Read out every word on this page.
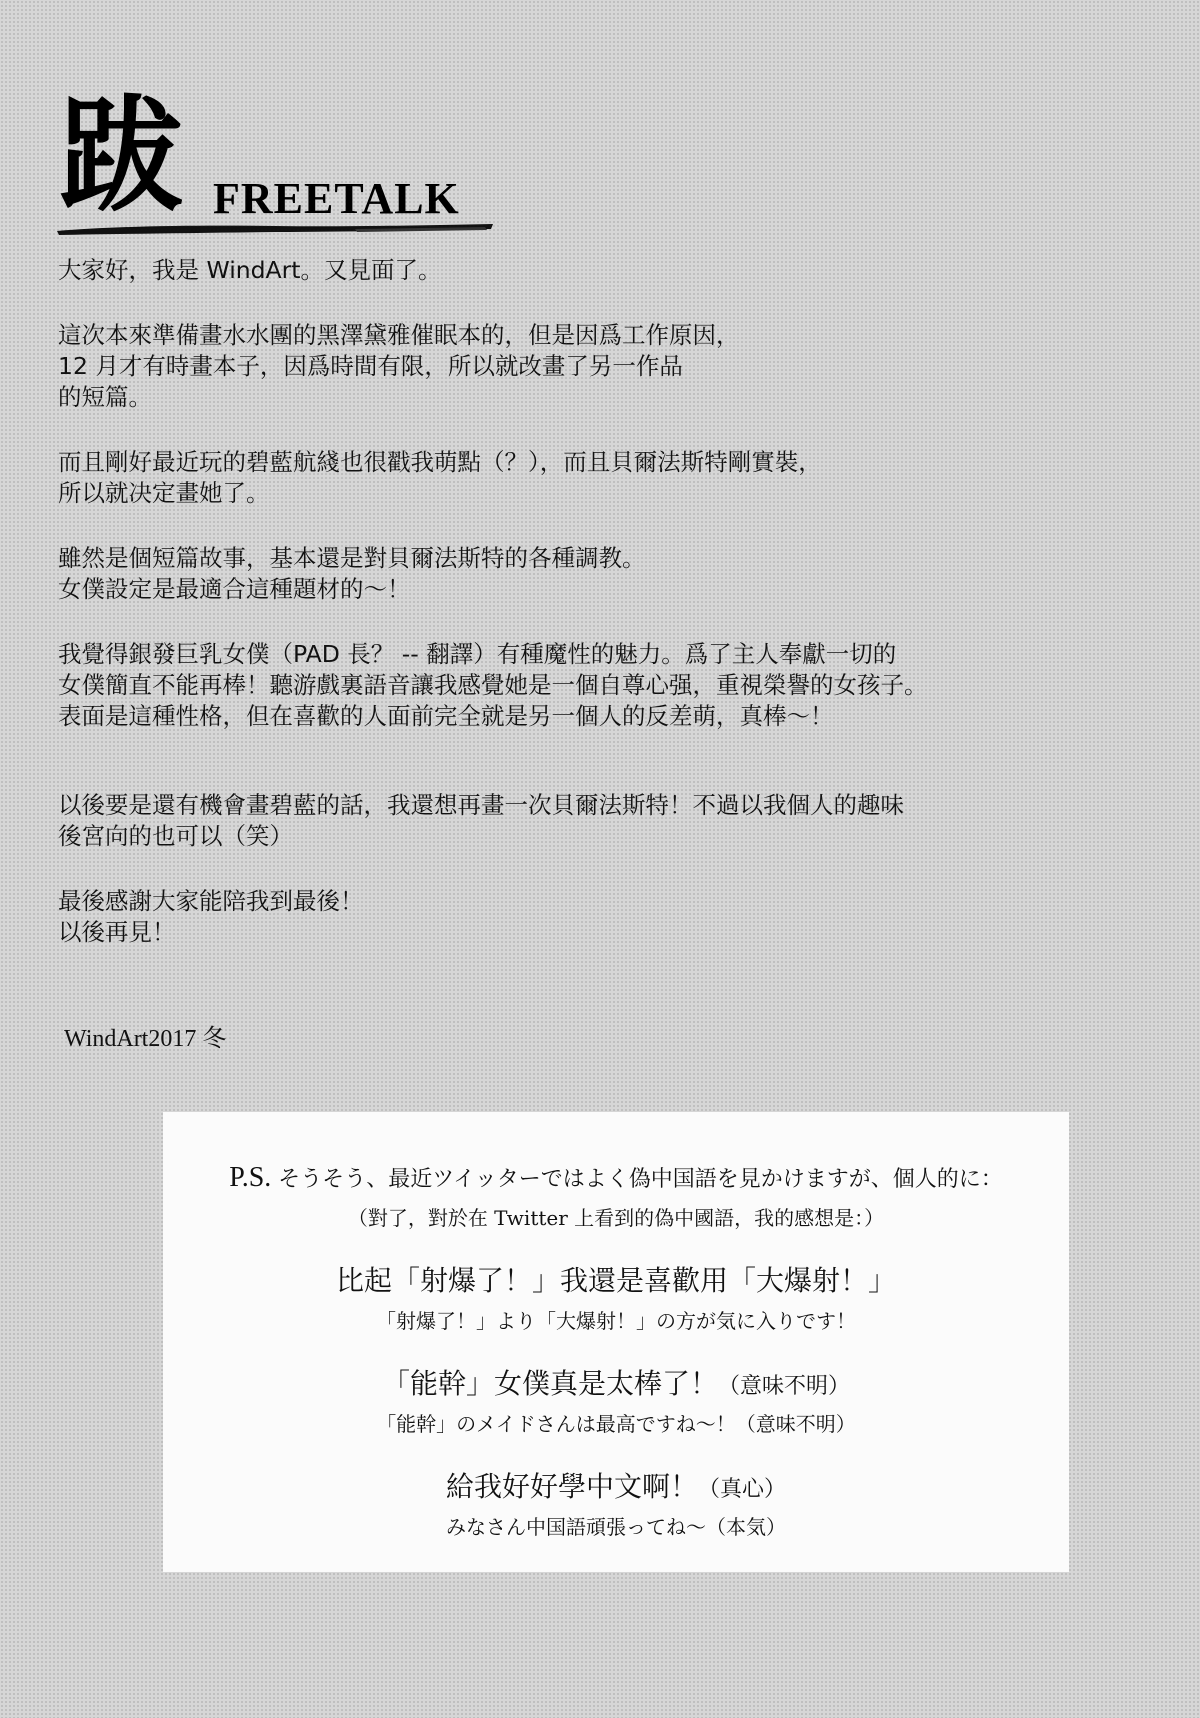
跋 FREETALK

大家好，我是 WindArt。又見面了。

這次本來準備畫水水團的黑澤黛雅催眠本的，但是因爲工作原因，
12 月才有時畫本子，因爲時間有限，所以就改畫了另一作品
的短篇。

而且剛好最近玩的碧藍航綫也很戳我萌點（？），而且貝爾法斯特剛實裝，
所以就决定畫她了。

雖然是個短篇故事，基本還是對貝爾法斯特的各種調教。
女僕設定是最適合這種題材的～！

我覺得銀發巨乳女僕（PAD 長？ -- 翻譯）有種魔性的魅力。爲了主人奉獻一切的
女僕簡直不能再棒！聽游戲裏語音讓我感覺她是一個自尊心强，重視榮譽的女孩子。
表面是這種性格，但在喜歡的人面前完全就是另一個人的反差萌，真棒～！

以後要是還有機會畫碧藍的話，我還想再畫一次貝爾法斯特！不過以我個人的趣味
後宮向的也可以（笑）

最後感謝大家能陪我到最後！
以後再見！

WindArt2017 冬

P.S. そうそう、最近ツイッターではよく偽中国語を見かけますが、個人的に：

（對了，對於在 Twitter 上看到的偽中國語，我的感想是：）

比起「射爆了！」我還是喜歡用「大爆射！」

「射爆了！」より「大爆射！」の方が気に入りです！

「能幹」女僕真是太棒了！（意味不明）

「能幹」のメイドさんは最高ですね～！（意味不明）

給我好好學中文啊！（真心）

みなさん中国語頑張ってね～（本気）
